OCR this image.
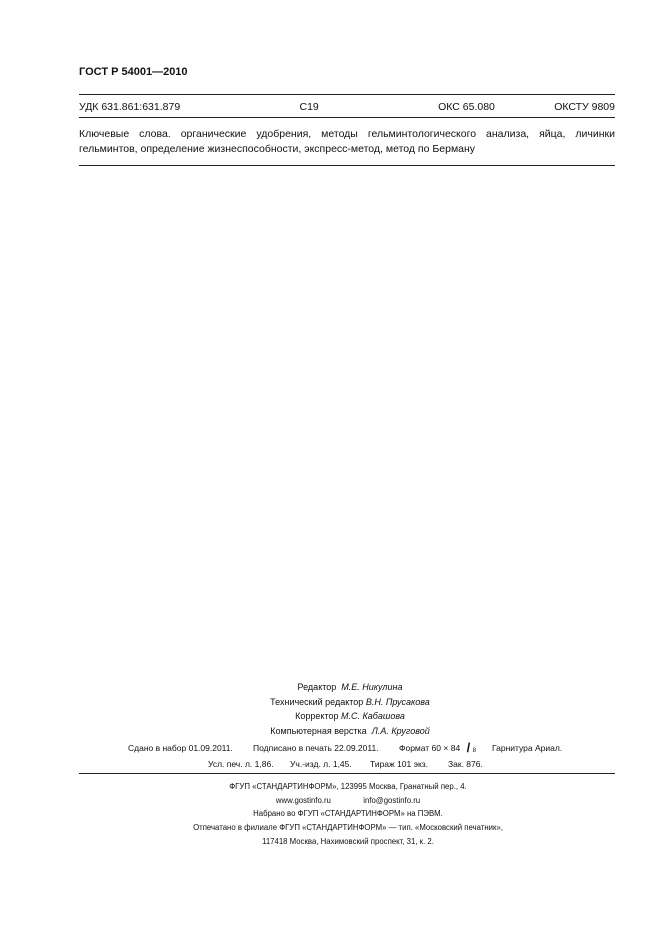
ГОСТ Р 54001—2010
УДК 631.861:631.879	С19	ОКС 65.080	ОКСТУ 9809
Ключевые слова. органические удобрения, методы гельминтологического анализа, яйца, личинки
гельминтов, определение жизнеспособности, экспресс-метод, метод по Берману
Редактор М.Е. Никулина
Технический редактор В.Н. Прусакова
Корректор М.С. Кабашова
Компьютерная верстка Л.А. Круговой
Сдано в набор 01.09.2011. Подписано в печать 22.09.2011. Формат 60 × 84 / 8 Гарнитура Ариал.
Усл. печ. л. 1,86. Уч.-изд. л. 1,45. Тираж 101 экз. Зак. 876.
ФГУП «СТАНДАРТИНФОРМ», 123995 Москва, Гранатный пер., 4.
www.gostinfo.ru	info@gostinfo.ru
Набрано во ФГУП «СТАНДАРТИНФОРМ» на ПЭВМ.
Отпечатано в филиале ФГУП «СТАНДАРТИНФОРМ» — тип. «Московский печатник»,
117418 Москва, Нахимовский проспект, 31, к. 2.
